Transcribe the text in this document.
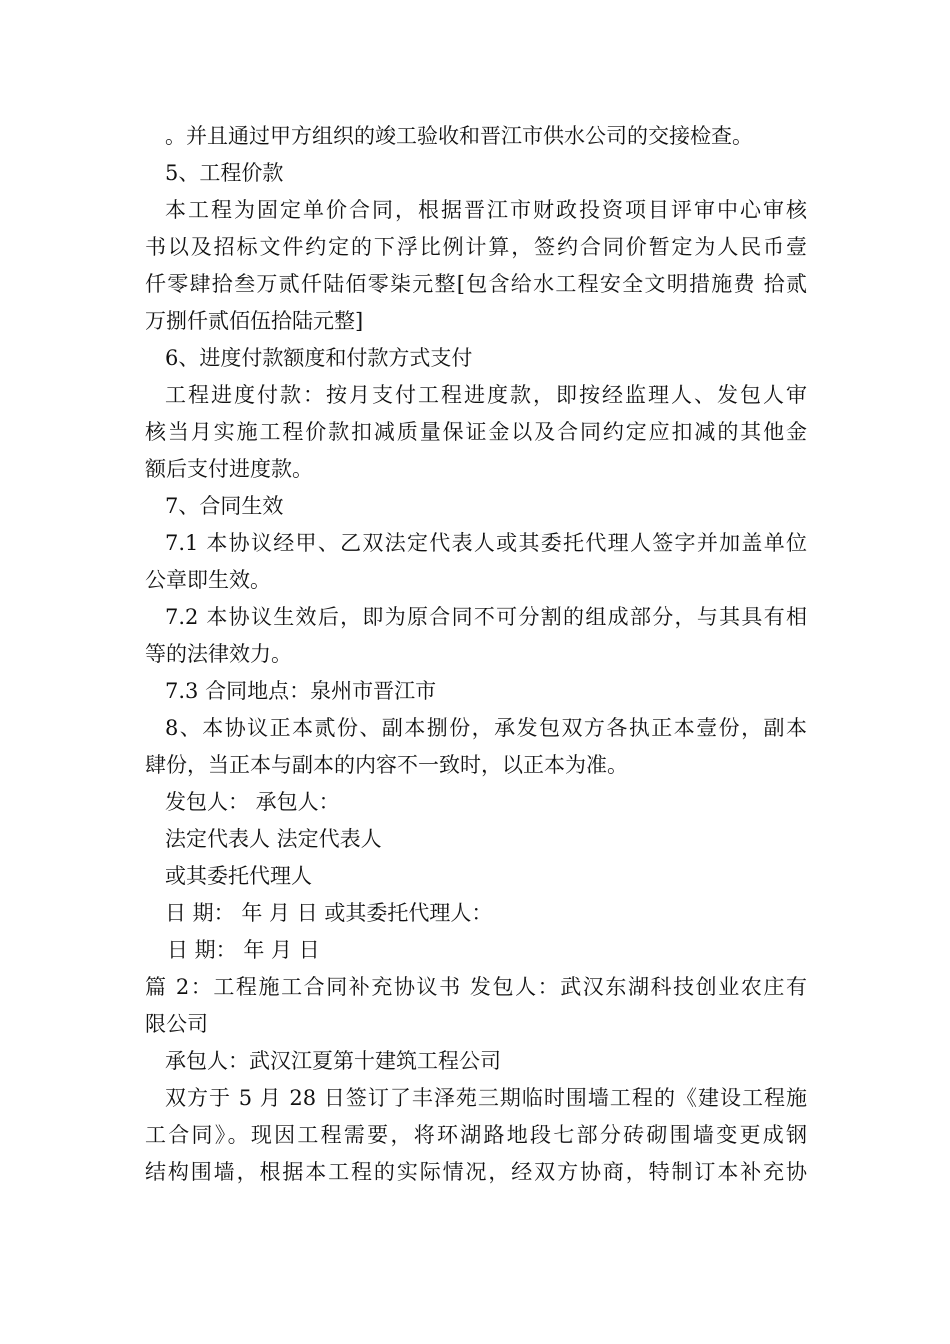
。并且通过甲方组织的竣工验收和晋江市供水公司的交接检查。
5、工程价款
本工程为固定单价合同，根据晋江市财政投资项目评审中心审核
书以及招标文件约定的下浮比例计算，签约合同价暂定为人民币壹
仟零肆拾叁万贰仟陆佰零柒元整[包含给水工程安全文明措施费 拾贰
万捌仟贰佰伍拾陆元整]
6、进度付款额度和付款方式支付
工程进度付款：按月支付工程进度款，即按经监理人、发包人审
核当月实施工程价款扣减质量保证金以及合同约定应扣减的其他金
额后支付进度款。
7、合同生效
7.1 本协议经甲、乙双法定代表人或其委托代理人签字并加盖单位
公章即生效。
7.2 本协议生效后，即为原合同不可分割的组成部分，与其具有相
等的法律效力。
7.3 合同地点：泉州市晋江市
8、本协议正本贰份、副本捌份，承发包双方各执正本壹份，副本
肆份，当正本与副本的内容不一致时，以正本为准。
发包人： 承包人：
法定代表人 法定代表人
或其委托代理人
日 期： 年 月 日 或其委托代理人：
日 期： 年 月 日
篇 2：工程施工合同补充协议书 发包人：武汉东湖科技创业农庄有
限公司
承包人：武汉江夏第十建筑工程公司
双方于 5 月 28 日签订了丰泽苑三期临时围墙工程的《建设工程施
工合同》。现因工程需要，将环湖路地段七部分砖砌围墙变更成钢
结构围墙，根据本工程的实际情况，经双方协商，特制订本补充协
